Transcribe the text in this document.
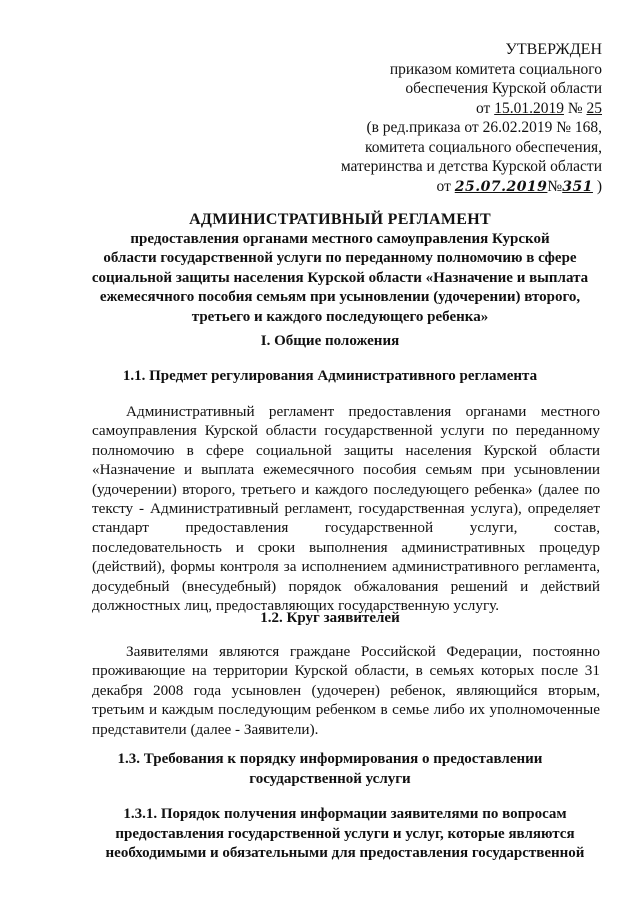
УТВЕРЖДЕН
приказом комитета социального
обеспечения Курской области
от 15.01.2019 № 25
(в ред.приказа от 26.02.2019 № 168,
комитета социального обеспечения,
материнства и детства Курской области
от 25.07.2019№351 )
АДМИНИСТРАТИВНЫЙ РЕГЛАМЕНТ
предоставления органами местного самоуправления Курской
области государственной услуги по переданному полномочию в сфере
социальной защиты населения Курской области «Назначение и выплата
ежемесячного пособия семьям при усыновлении (удочерении) второго,
третьего и каждого последующего ребенка»
I. Общие положения
1.1. Предмет регулирования Административного регламента
Административный регламент предоставления органами местного самоуправления Курской области государственной услуги по переданному полномочию в сфере социальной защиты населения Курской области «Назначение и выплата ежемесячного пособия семьям при усыновлении (удочерении) второго, третьего и каждого последующего ребенка» (далее по тексту - Административный регламент, государственная услуга), определяет стандарт предоставления государственной услуги, состав, последовательность и сроки выполнения административных процедур (действий), формы контроля за исполнением административного регламента, досудебный (внесудебный) порядок обжалования решений и действий должностных лиц, предоставляющих государственную услугу.
1.2. Круг заявителей
Заявителями являются граждане Российской Федерации, постоянно проживающие на территории Курской области, в семьях которых после 31 декабря 2008 года усыновлен (удочерен) ребенок, являющийся вторым, третьим и каждым последующим ребенком в семье либо их уполномоченные представители (далее - Заявители).
1.3. Требования к порядку информирования о предоставлении
государственной услуги
1.3.1. Порядок получения информации заявителями по вопросам
предоставления государственной услуги и услуг, которые являются
необходимыми и обязательными для предоставления государственной
